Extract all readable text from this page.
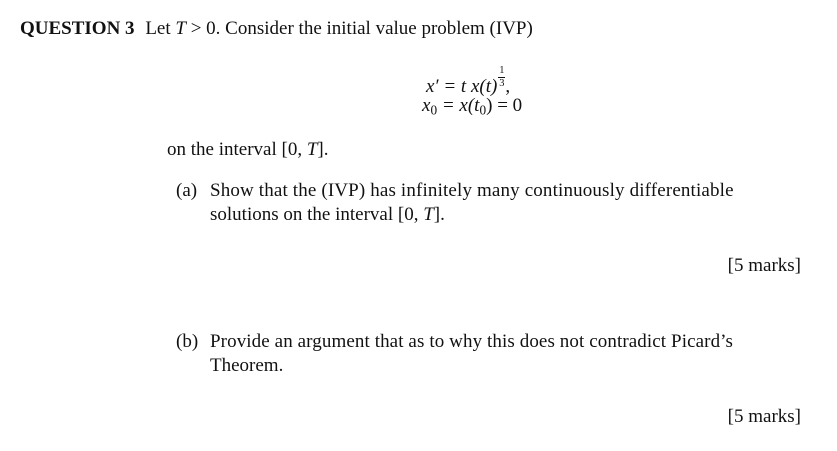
QUESTION 3 Let T > 0. Consider the initial value problem (IVP)
x′ = t x(t) $^{\frac{1}{3}}$ ,
$x_0 = x(t_0) = 0$
on the interval [0, T].
(a) Show that the (IVP) has infinitely many continuously differentiable
solutions on the interval [0, T].
[5 marks]
(b) Provide an argument that as to why this does not contradict Picard’s
Theorem.
[5 marks]
